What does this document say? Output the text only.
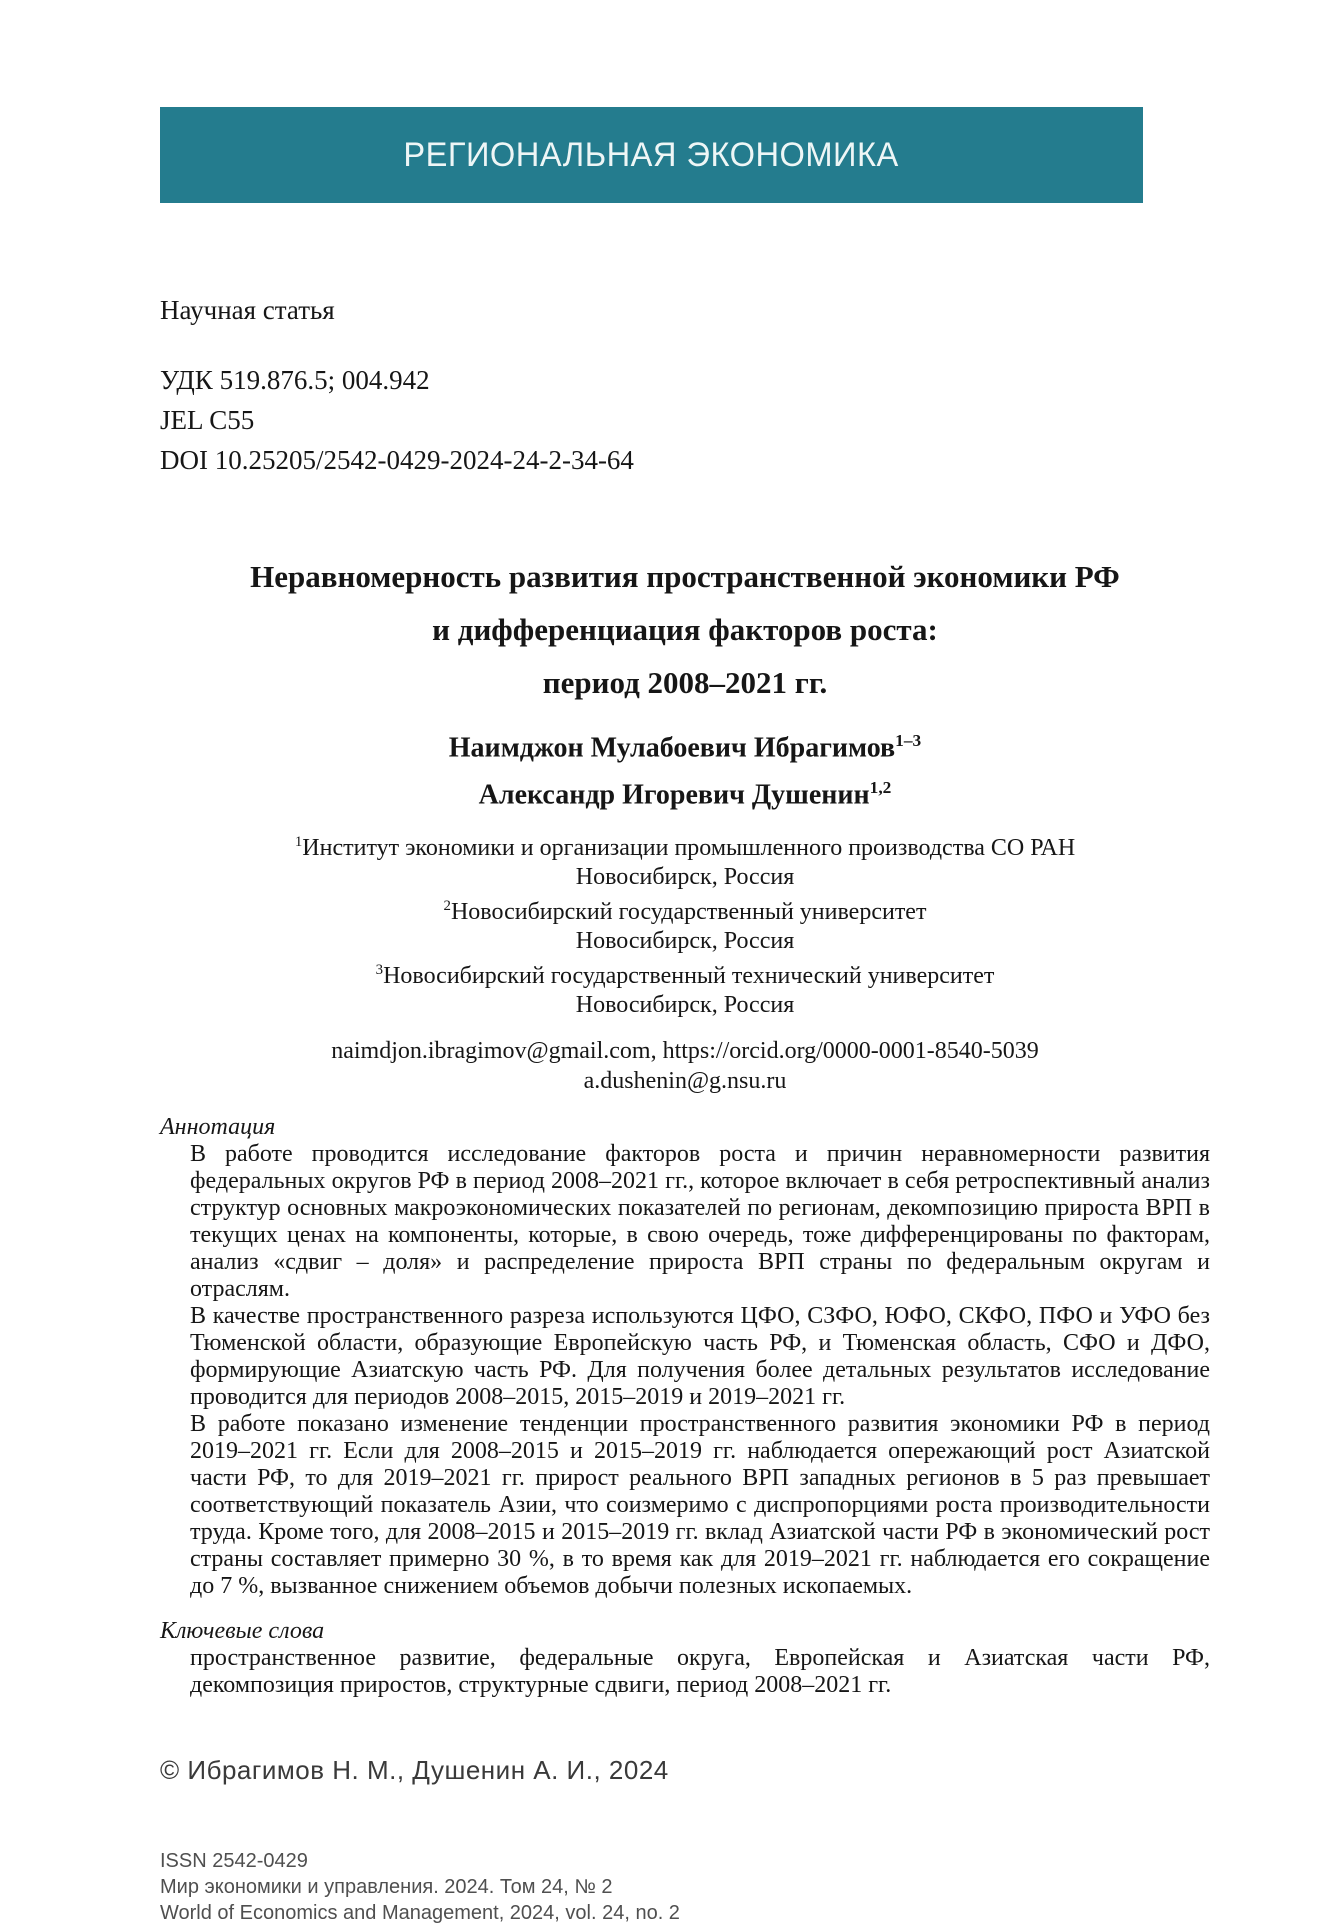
РЕГИОНАЛЬНАЯ ЭКОНОМИКА
Научная статья
УДК 519.876.5; 004.942
JEL C55
DOI 10.25205/2542-0429-2024-24-2-34-64
Неравномерность развития пространственной экономики РФ
и дифференциация факторов роста:
период 2008–2021 гг.
Наимджон Мулабоевич Ибрагимов$^{1-3}$
Александр Игоревич Душенин$^{1,2}$
$^1$Институт экономики и организации промышленного производства СО РАН
Новосибирск, Россия
$^2$Новосибирский государственный университет
Новосибирск, Россия
$^3$Новосибирский государственный технический университет
Новосибирск, Россия
naimdjon.ibragimov@gmail.com, https://orcid.org/0000-0001-8540-5039
a.dushenin@g.nsu.ru
Аннотация

В работе проводится исследование факторов роста и причин неравномерности развития федеральных округов РФ в период 2008–2021 гг., которое включает в себя ретроспективный анализ структур основных макроэкономических показателей по регионам, декомпозицию прироста ВРП в текущих ценах на компоненты, которые, в свою очередь, тоже дифференцированы по факторам, анализ «сдвиг – доля» и распределение прироста ВРП страны по федеральным округам и отраслям.

В качестве пространственного разреза используются ЦФО, СЗФО, ЮФО, СКФО, ПФО и УФО без Тюменской области, образующие Европейскую часть РФ, и Тюменская область, СФО и ДФО, формирующие Азиатскую часть РФ. Для получения более детальных результатов исследование проводится для периодов 2008–2015, 2015–2019 и 2019–2021 гг.

В работе показано изменение тенденции пространственного развития экономики РФ в период 2019–2021 гг. Если для 2008–2015 и 2015–2019 гг. наблюдается опережающий рост Азиатской части РФ, то для 2019–2021 гг. прирост реального ВРП западных регионов в 5 раз превышает соответствующий показатель Азии, что соизмеримо с диспропорциями роста производительности труда. Кроме того, для 2008–2015 и 2015–2019 гг. вклад Азиатской части РФ в экономический рост страны составляет примерно 30 %, в то время как для 2019–2021 гг. наблюдается его сокращение до 7 %, вызванное снижением объемов добычи полезных ископаемых.

Ключевые слова
пространственное развитие, федеральные округа, Европейская и Азиатская части РФ, декомпозиция приростов, структурные сдвиги, период 2008–2021 гг.
© Ибрагимов Н. М., Душенин А. И., 2024
ISSN 2542-0429
Мир экономики и управления. 2024. Том 24, № 2
World of Economics and Management, 2024, vol. 24, no. 2
